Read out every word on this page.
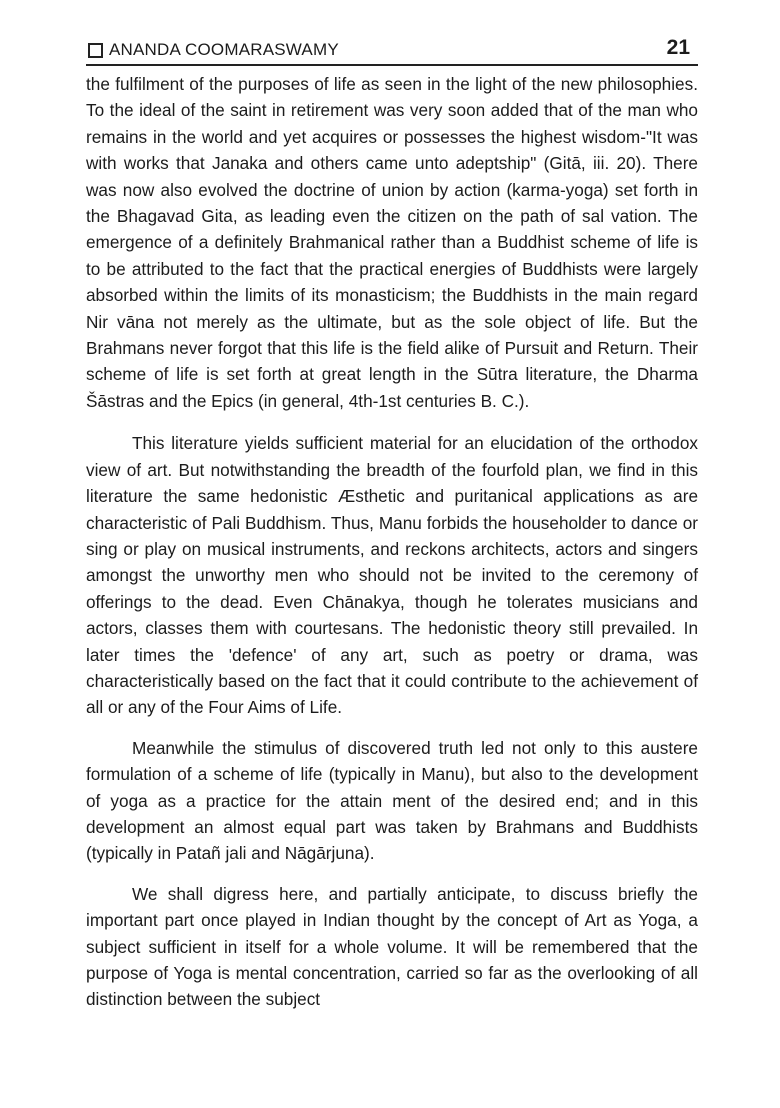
ANANDA COOMARASWAMY	21

the fulfilment of the purposes of life as seen in the light of the new philosophies. To the ideal of the saint in retirement was very soon added that of the man who remains in the world and yet acquires or possesses the highest wisdom-"It was with works that Janaka and others came unto adeptship" (Gitā, iii. 20). There was now also evolved the doctrine of union by action (karma-yoga) set forth in the Bhagavad Gita, as leading even the citizen on the path of sal vation. The emergence of a definitely Brahmanical rather than a Buddhist scheme of life is to be attributed to the fact that the practical energies of Buddhists were largely absorbed within the limits of its monasticism; the Buddhists in the main regard Nir vāna not merely as the ultimate, but as the sole object of life. But the Brahmans never forgot that this life is the field alike of Pursuit and Return. Their scheme of life is set forth at great length in the Sūtra literature, the Dharma Šāstras and the Epics (in general, 4th-1st centuries B. C.).

This literature yields sufficient material for an elucidation of the orthodox view of art. But notwithstanding the breadth of the fourfold plan, we find in this literature the same hedonistic Æsthetic and puritanical applications as are characteristic of Pali Buddhism. Thus, Manu forbids the householder to dance or sing or play on musical instruments, and reckons architects, actors and singers amongst the unworthy men who should not be invited to the ceremony of offerings to the dead. Even Chānakya, though he tolerates musicians and actors, classes them with courtesans. The hedonistic theory still prevailed. In later times the 'defence' of any art, such as poetry or drama, was characteristically based on the fact that it could contribute to the achievement of all or any of the Four Aims of Life.

Meanwhile the stimulus of discovered truth led not only to this austere formulation of a scheme of life (typically in Manu), but also to the development of yoga as a practice for the attain ment of the desired end; and in this development an almost equal part was taken by Brahmans and Buddhists (typically in Patañ jali and Nāgārjuna).

We shall digress here, and partially anticipate, to discuss briefly the important part once played in Indian thought by the concept of Art as Yoga, a subject sufficient in itself for a whole volume. It will be remembered that the purpose of Yoga is mental concentration, carried so far as the overlooking of all distinction between the subject
